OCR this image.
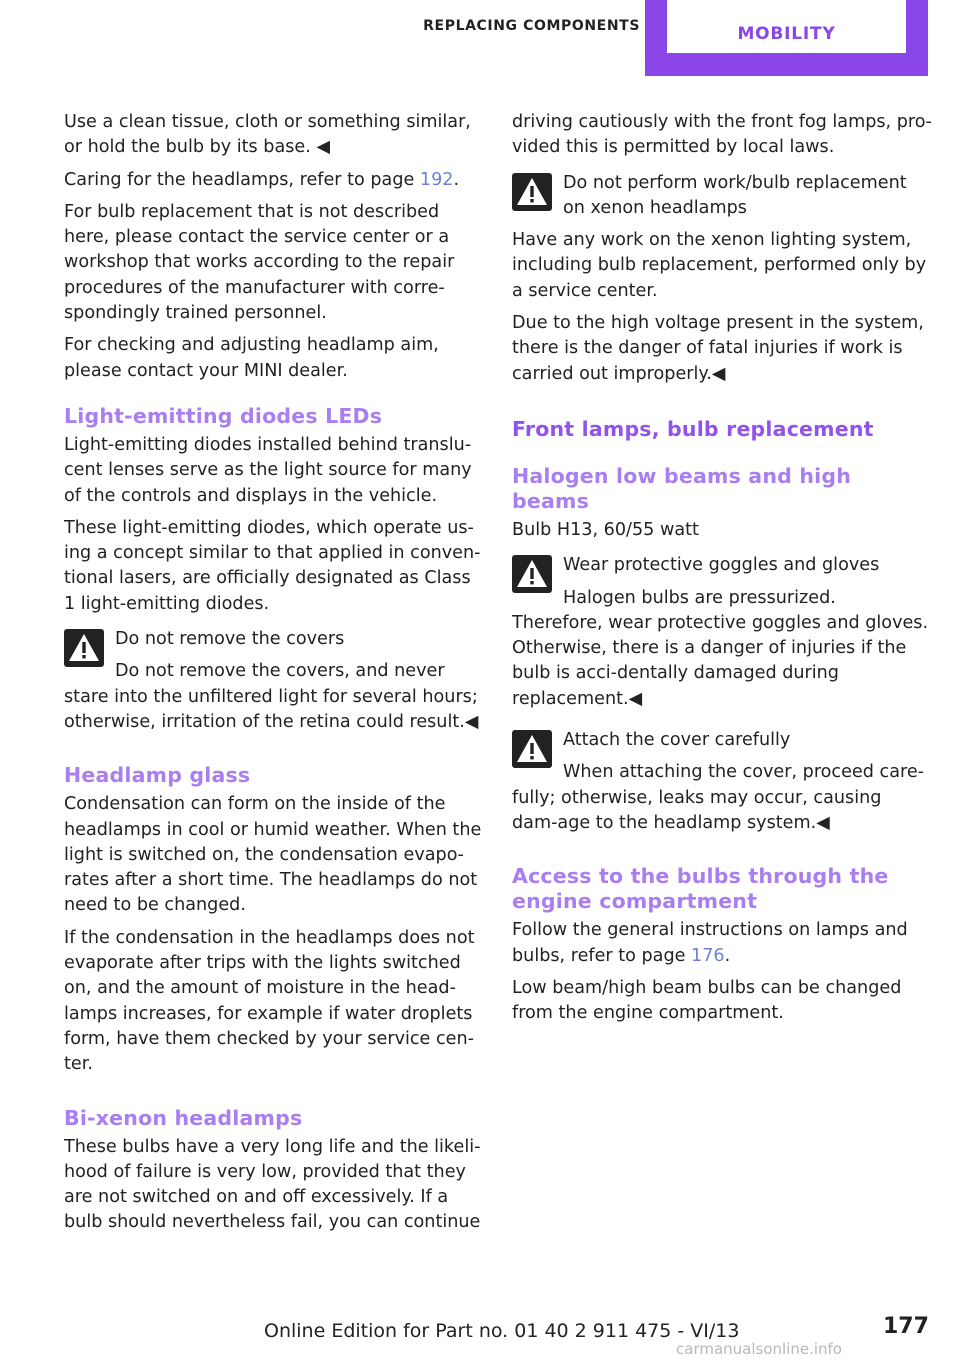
REPLACING COMPONENTS	MOBILITY

Use a clean tissue, cloth or something similar, or hold the bulb by its base. ◀

Caring for the headlamps, refer to page 192.

For bulb replacement that is not described here, please contact the service center or a workshop that works according to the repair procedures of the manufacturer with corre‐spondingly trained personnel.

For checking and adjusting headlamp aim, please contact your MINI dealer.

Light-emitting diodes LEDs

Light-emitting diodes installed behind translu‐cent lenses serve as the light source for many of the controls and displays in the vehicle.

These light-emitting diodes, which operate us‐ing a concept similar to that applied in conven‐tional lasers, are officially designated as Class 1 light-emitting diodes.

Do not remove the covers

Do not remove the covers, and never stare into the unfiltered light for several hours; otherwise, irritation of the retina could result.◀

Headlamp glass

Condensation can form on the inside of the headlamps in cool or humid weather. When the light is switched on, the condensation evapo‐rates after a short time. The headlamps do not need to be changed.

If the condensation in the headlamps does not evaporate after trips with the lights switched on, and the amount of moisture in the head‐lamps increases, for example if water droplets form, have them checked by your service cen‐ter.

Bi-xenon headlamps

These bulbs have a very long life and the likeli‐hood of failure is very low, provided that they are not switched on and off excessively. If a bulb should nevertheless fail, you can continue

driving cautiously with the front fog lamps, pro‐vided this is permitted by local laws.

Do not perform work/bulb replacement on xenon headlamps

Have any work on the xenon lighting system, including bulb replacement, performed only by a service center.

Due to the high voltage present in the system, there is the danger of fatal injuries if work is carried out improperly.◀

Front lamps, bulb replacement
Halogen low beams and high beams

Bulb H13, 60/55 watt

Wear protective goggles and gloves

Halogen bulbs are pressurized. Therefore, wear protective goggles and gloves. Otherwise, there is a danger of injuries if the bulb is acci‐dentally damaged during replacement.◀

Attach the cover carefully

When attaching the cover, proceed care‐fully; otherwise, leaks may occur, causing dam‐age to the headlamp system.◀

Access to the bulbs through the engine compartment

Follow the general instructions on lamps and bulbs, refer to page 176.

Low beam/high beam bulbs can be changed from the engine compartment.

Online Edition for Part no. 01 40 2 911 475 - VI/13	177
carmanualsonline.info
